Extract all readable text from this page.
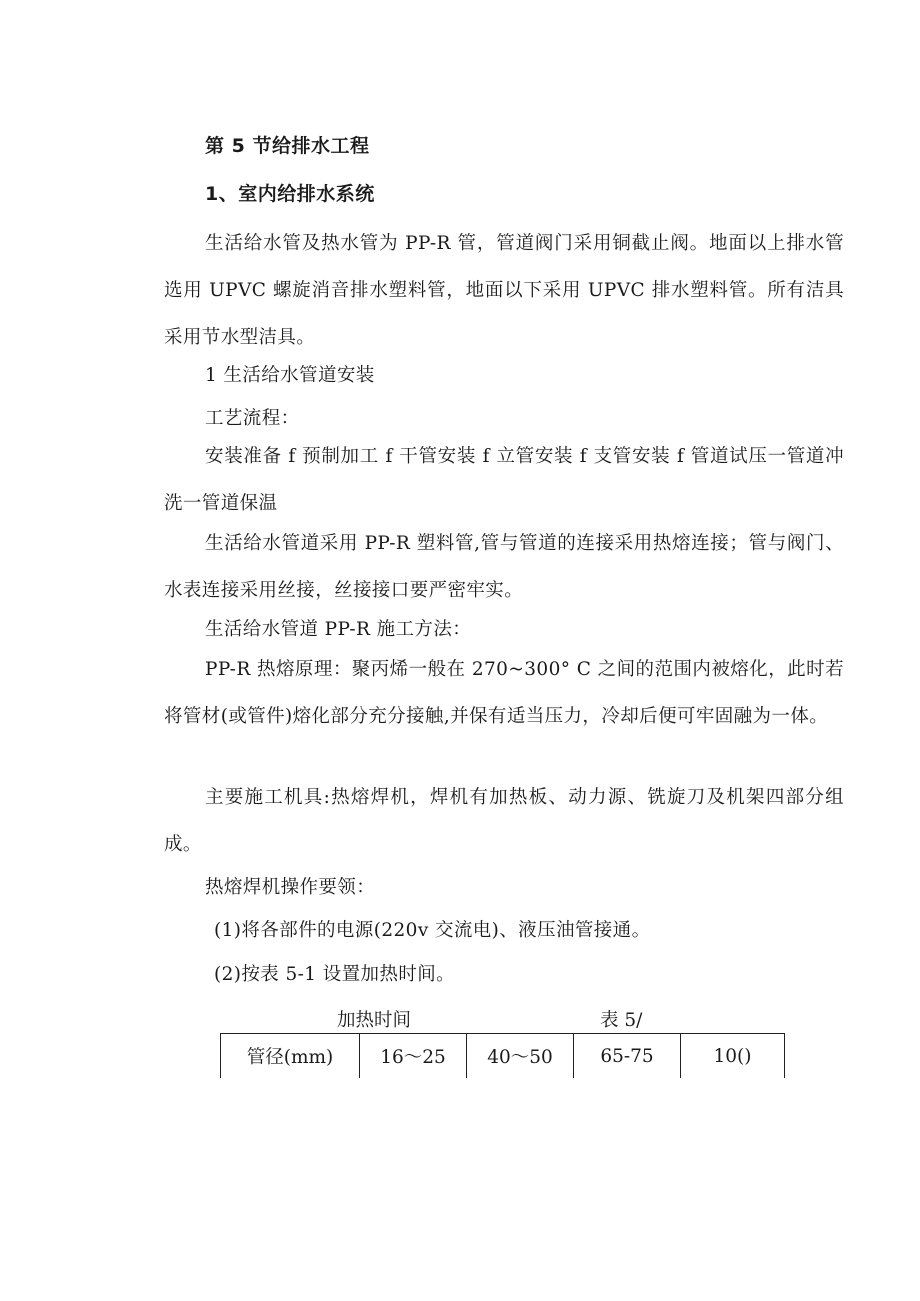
第 5 节给排水工程
1、室内给排水系统

生活给水管及热水管为 PP-R 管，管道阀门采用铜截止阀。地面以上排水管选用 UPVC 螺旋消音排水塑料管，地面以下采用 UPVC 排水塑料管。所有洁具采用节水型洁具。

1 生活给水管道安装
工艺流程：

安装准备 f 预制加工 f 干管安装 f 立管安装 f 支管安装 f 管道试压一管道冲洗一管道保温

生活给水管道采用 PP-R 塑料管,管与管道的连接采用热熔连接；管与阀门、水表连接采用丝接，丝接接口要严密牢实。

生活给水管道 PP-R 施工方法：

PP-R 热熔原理：聚丙烯一般在 270~300° C 之间的范围内被熔化，此时若将管材(或管件)熔化部分充分接触,并保有适当压力，冷却后便可牢固融为一体。

主要施工机具:热熔焊机，焊机有加热板、动力源、铣旋刀及机架四部分组成。

热熔焊机操作要领：
(1)将各部件的电源(220v 交流电)、液压油管接通。
(2)按表 5-1 设置加热时间。
加热时间	表 5/
管径(mm)	16～25	40～50	65-75	10()
